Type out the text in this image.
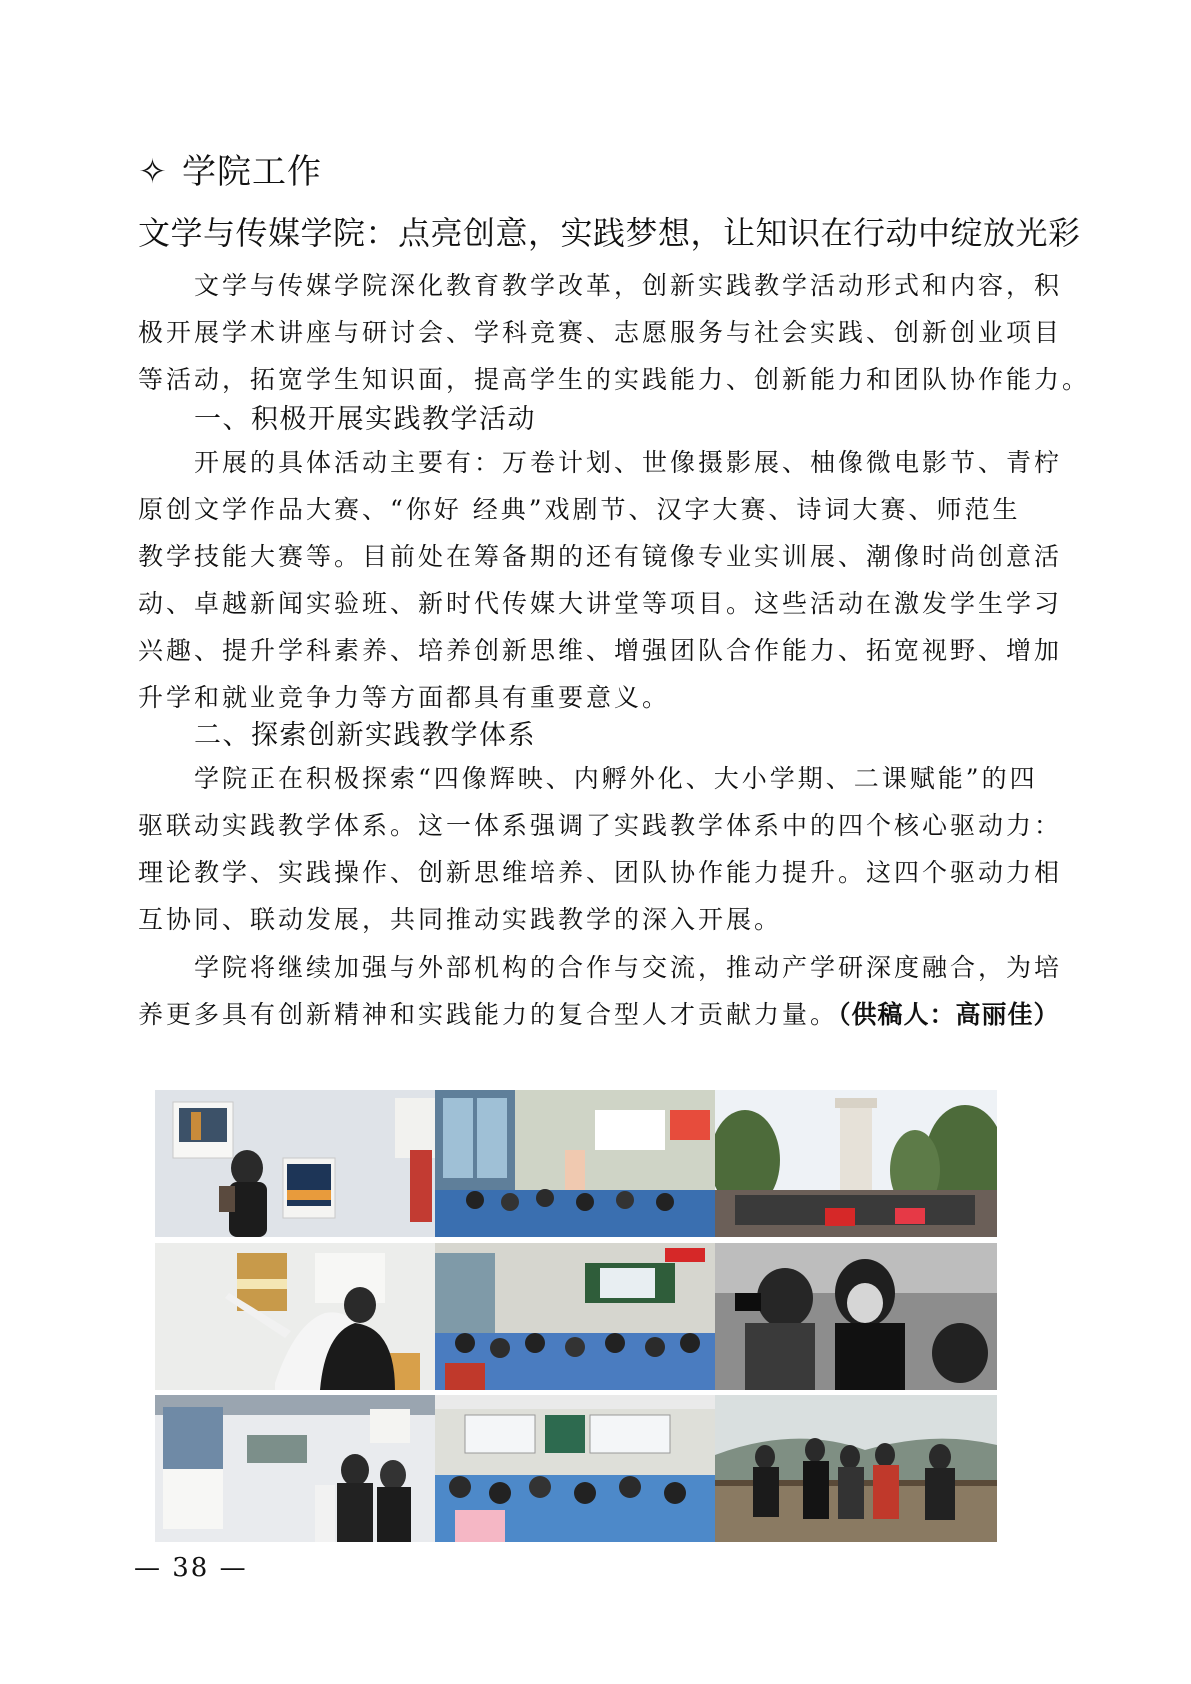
✧ 学院工作
文学与传媒学院：点亮创意，实践梦想，让知识在行动中绽放光彩
文学与传媒学院深化教育教学改革，创新实践教学活动形式和内容，积
极开展学术讲座与研讨会、学科竞赛、志愿服务与社会实践、创新创业项目
等活动，拓宽学生知识面，提高学生的实践能力、创新能力和团队协作能力。
一、积极开展实践教学活动
开展的具体活动主要有：万卷计划、世像摄影展、柚像微电影节、青柠
原创文学作品大赛、“你好 经典”戏剧节、汉字大赛、诗词大赛、师范生
教学技能大赛等。目前处在筹备期的还有镜像专业实训展、潮像时尚创意活
动、卓越新闻实验班、新时代传媒大讲堂等项目。这些活动在激发学生学习
兴趣、提升学科素养、培养创新思维、增强团队合作能力、拓宽视野、增加
升学和就业竞争力等方面都具有重要意义。
二、探索创新实践教学体系
学院正在积极探索“四像辉映、内孵外化、大小学期、二课赋能”的四
驱联动实践教学体系。这一体系强调了实践教学体系中的四个核心驱动力：
理论教学、实践操作、创新思维培养、团队协作能力提升。这四个驱动力相
互协同、联动发展，共同推动实践教学的深入开展。
学院将继续加强与外部机构的合作与交流，推动产学研深度融合，为培
养更多具有创新精神和实践能力的复合型人才贡献力量。（供稿人：高丽佳）
— 38 —
